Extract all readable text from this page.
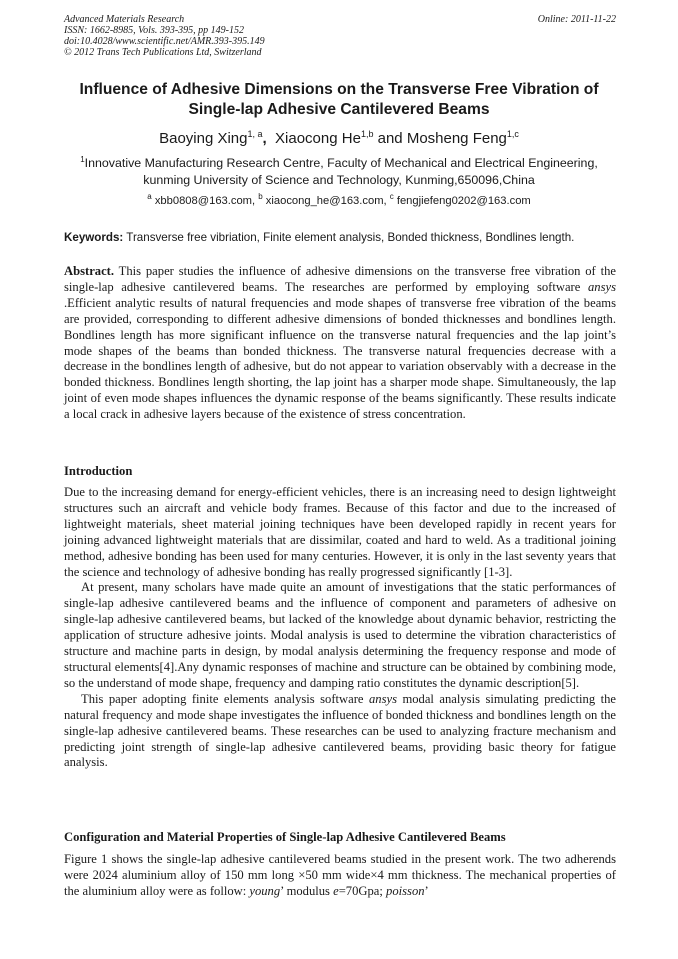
Advanced Materials Research
ISSN: 1662-8985, Vols. 393-395, pp 149-152
doi:10.4028/www.scientific.net/AMR.393-395.149
© 2012 Trans Tech Publications Ltd, Switzerland
Online: 2011-11-22
Influence of Adhesive Dimensions on the Transverse Free Vibration of
Single-lap Adhesive Cantilevered Beams
Baoying Xing$^{1, a}$, Xiaocong He$^{1,b}$ and Mosheng Feng$^{1,c}$
$^1$Innovative Manufacturing Research Centre, Faculty of Mechanical and Electrical Engineering,
kunming University of Science and Technology, Kunming,650096,China
$^a$ xbb0808@163.com, $^b$ xiaocong_he@163.com, $^c$ fengjiefeng0202@163.com
Keywords: Transverse free vibriation, Finite element analysis, Bonded thickness, Bondlines length.

Abstract. This paper studies the influence of adhesive dimensions on the transverse free vibration of the single-lap adhesive cantilevered beams. The researches are performed by employing software ansys .Efficient analytic results of natural frequencies and mode shapes of transverse free vibration of the beams are provided, corresponding to different adhesive dimensions of bonded thicknesses and bondlines length. Bondlines length has more significant influence on the transverse natural frequencies and the lap joint’s mode shapes of the beams than bonded thickness. The transverse natural frequencies decrease with a decrease in the bondlines length of adhesive, but do not appear to variation observably with a decrease in the bonded thickness. Bondlines length shorting, the lap joint has a sharper mode shape. Simultaneously, the lap joint of even mode shapes influences the dynamic response of the beams significantly. These results indicate a local crack in adhesive layers because of the existence of stress concentration.

Introduction

Due to the increasing demand for energy-efficient vehicles, there is an increasing need to design lightweight structures such an aircraft and vehicle body frames. Because of this factor and due to the increased of lightweight materials, sheet material joining techniques have been developed rapidly in recent years for joining advanced lightweight materials that are dissimilar, coated and hard to weld. As a traditional joining method, adhesive bonding has been used for many centuries. However, it is only in the last seventy years that the science and technology of adhesive bonding has really progressed significantly [1-3].

At present, many scholars have made quite an amount of investigations that the static performances of single-lap adhesive cantilevered beams and the influence of component and parameters of adhesive on single-lap adhesive cantilevered beams, but lacked of the knowledge about dynamic behavior, restricting the application of structure adhesive joints. Modal analysis is used to determine the vibration characteristics of structure and machine parts in design, by modal analysis determining the frequency response and mode of structural elements[4].Any dynamic responses of machine and structure can be obtained by combining mode, so the understand of mode shape, frequency and damping ratio constitutes the dynamic description[5].

This paper adopting finite elements analysis software ansys modal analysis simulating predicting the natural frequency and mode shape investigates the influence of bonded thickness and bondlines length on the single-lap adhesive cantilevered beams. These researches can be used to analyzing fracture mechanism and predicting joint strength of single-lap adhesive cantilevered beams, providing basic theory for fatigue analysis.

Configuration and Material Properties of Single-lap Adhesive Cantilevered Beams

Figure 1 shows the single-lap adhesive cantilevered beams studied in the present work. The two adherends were 2024 aluminium alloy of 150 mm long ×50 mm wide×4 mm thickness. The mechanical properties of the aluminium alloy were as follow: young’ modulus e=70Gpa; poisson’
